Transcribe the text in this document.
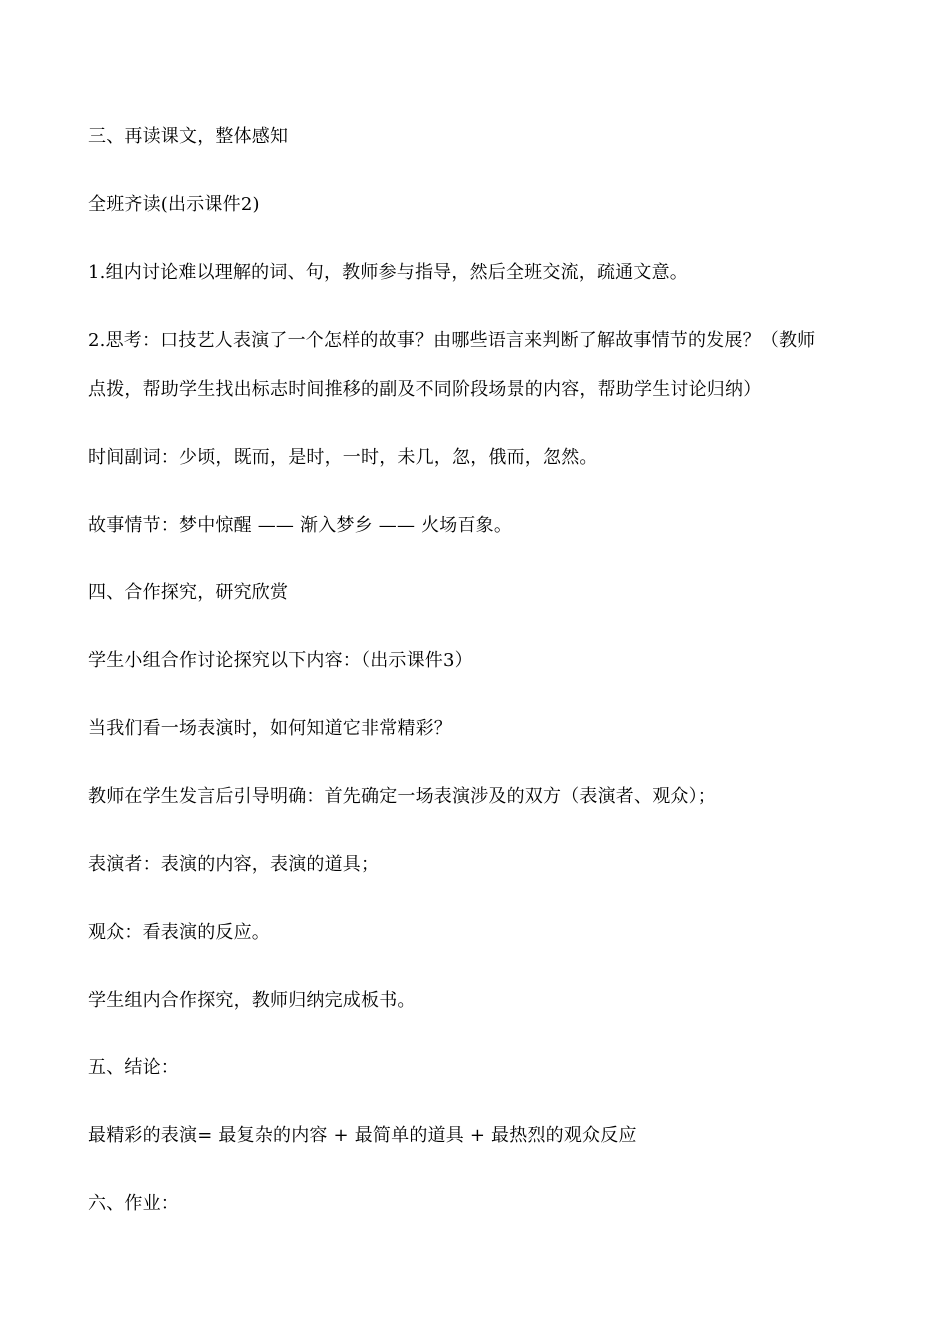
三、再读课文，整体感知
全班齐读(出示课件2)
1.组内讨论难以理解的词、句，教师参与指导，然后全班交流，疏通文意。
2.思考：口技艺人表演了一个怎样的故事？由哪些语言来判断了解故事情节的发展？（教师
点拨，帮助学生找出标志时间推移的副及不同阶段场景的内容，帮助学生讨论归纳）
时间副词：少顷，既而，是时，一时，未几，忽，俄而，忽然。
故事情节：梦中惊醒 —— 渐入梦乡 —— 火场百象。
四、合作探究，研究欣赏
学生小组合作讨论探究以下内容：（出示课件3）
当我们看一场表演时，如何知道它非常精彩？
教师在学生发言后引导明确：首先确定一场表演涉及的双方（表演者、观众）；
表演者：表演的内容，表演的道具；
观众：看表演的反应。
学生组内合作探究，教师归纳完成板书。
五、结论：
最精彩的表演= 最复杂的内容 + 最简单的道具 + 最热烈的观众反应
六、作业：
